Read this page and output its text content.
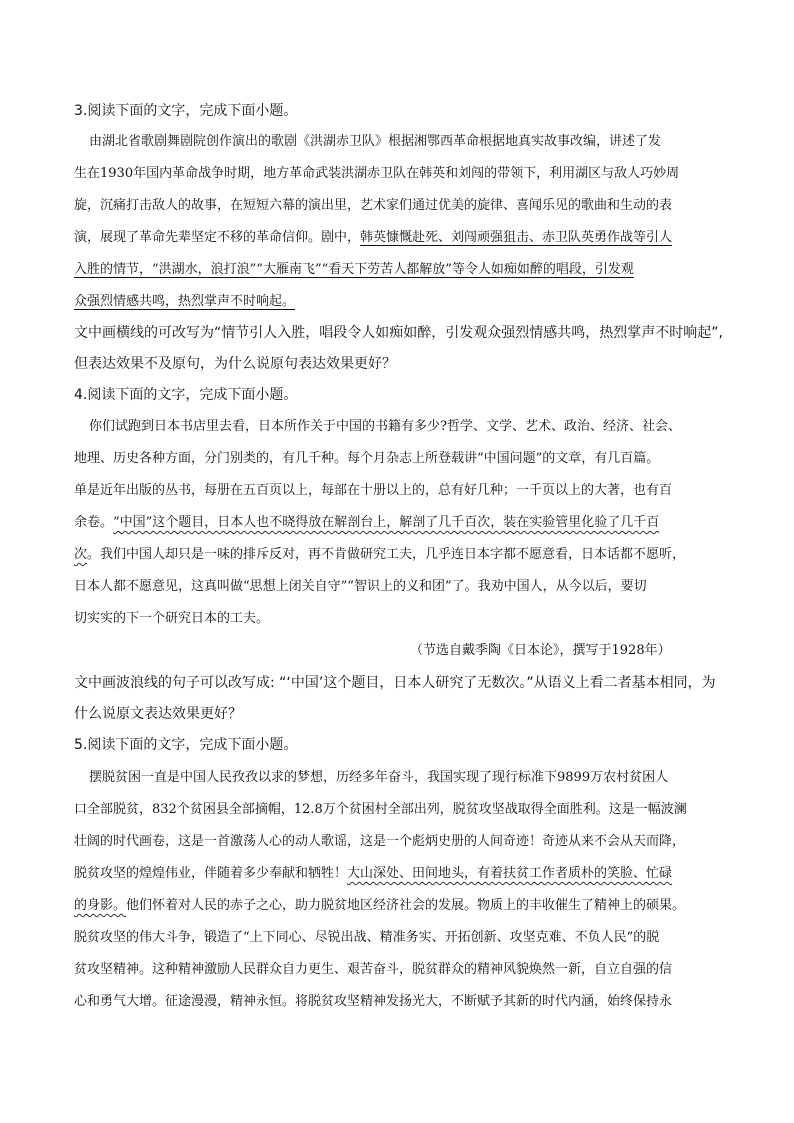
3.阅读下面的文字，完成下面小题。
由湖北省歌剧舞剧院创作演出的歌剧《洪湖赤卫队》根据湘鄂西革命根据地真实故事改编，讲述了发
生在1930年国内革命战争时期，地方革命武装洪湖赤卫队在韩英和刘闯的带领下，利用湖区与敌人巧妙周
旋，沉痛打击敌人的故事，在短短六幕的演出里，艺术家们通过优美的旋律、喜闻乐见的歌曲和生动的表
演，展现了革命先辈坚定不移的革命信仰。剧中，韩英慷慨赴死、刘闯顽强狙击、赤卫队英勇作战等引人
入胜的情节，“洪湖水，浪打浪”“大雁南飞”“看天下劳苦人都解放”等令人如痴如醉的唱段，引发观
众强烈情感共鸣，热烈掌声不时响起。
文中画横线的可改写为“情节引人入胜，唱段令人如痴如醉，引发观众强烈情感共鸣，热烈掌声不时响起”,
但表达效果不及原句，为什么说原句表达效果更好？
4.阅读下面的文字，完成下面小题。
你们试跑到日本书店里去看，日本所作关于中国的书籍有多少?哲学、文学、艺术、政治、经济、社会、
地理、历史各种方面，分门别类的，有几千种。每个月杂志上所登载讲“中国问题”的文章，有几百篇。
单是近年出版的丛书，每册在五百页以上，每部在十册以上的，总有好几种；一千页以上的大著，也有百
余卷。“中国”这个题目，日本人也不晓得放在解剖台上，解剖了几千百次，装在实验管里化验了几千百
次。我们中国人却只是一味的排斥反对，再不肯做研究工夫，几乎连日本字都不愿意看，日本话都不愿听，
日本人都不愿意见，这真叫做“思想上闭关自守”“智识上的义和团”了。我劝中国人，从今以后，要切
切实实的下一个研究日本的工夫。
（节选自戴季陶《日本论》，撰写于1928年）
文中画波浪线的句子可以改写成: “‘中国’这个题目，日本人研究了无数次。”从语义上看二者基本相同，为
什么说原文表达效果更好？
5.阅读下面的文字，完成下面小题。
摆脱贫困一直是中国人民孜孜以求的梦想，历经多年奋斗，我国实现了现行标准下9899万农村贫困人
口全部脱贫，832个贫困县全部摘帽，12.8万个贫困村全部出列，脱贫攻坚战取得全面胜利。这是一幅波澜
壮阔的时代画卷，这是一首激荡人心的动人歌谣，这是一个彪炳史册的人间奇迹！奇迹从来不会从天而降，
脱贫攻坚的煌煌伟业，伴随着多少奉献和牺牲！大山深处、田间地头，有着扶贫工作者质朴的笑脸、忙碌
的身影。他们怀着对人民的赤子之心，助力脱贫地区经济社会的发展。物质上的丰收催生了精神上的硕果。
脱贫攻坚的伟大斗争，锻造了“上下同心、尽锐出战、精准务实、开拓创新、攻坚克难、不负人民”的脱
贫攻坚精神。这种精神激励人民群众自力更生、艰苦奋斗，脱贫群众的精神风貌焕然一新，自立自强的信
心和勇气大增。征途漫漫，精神永恒。将脱贫攻坚精神发扬光大，不断赋予其新的时代内涵，始终保持永
